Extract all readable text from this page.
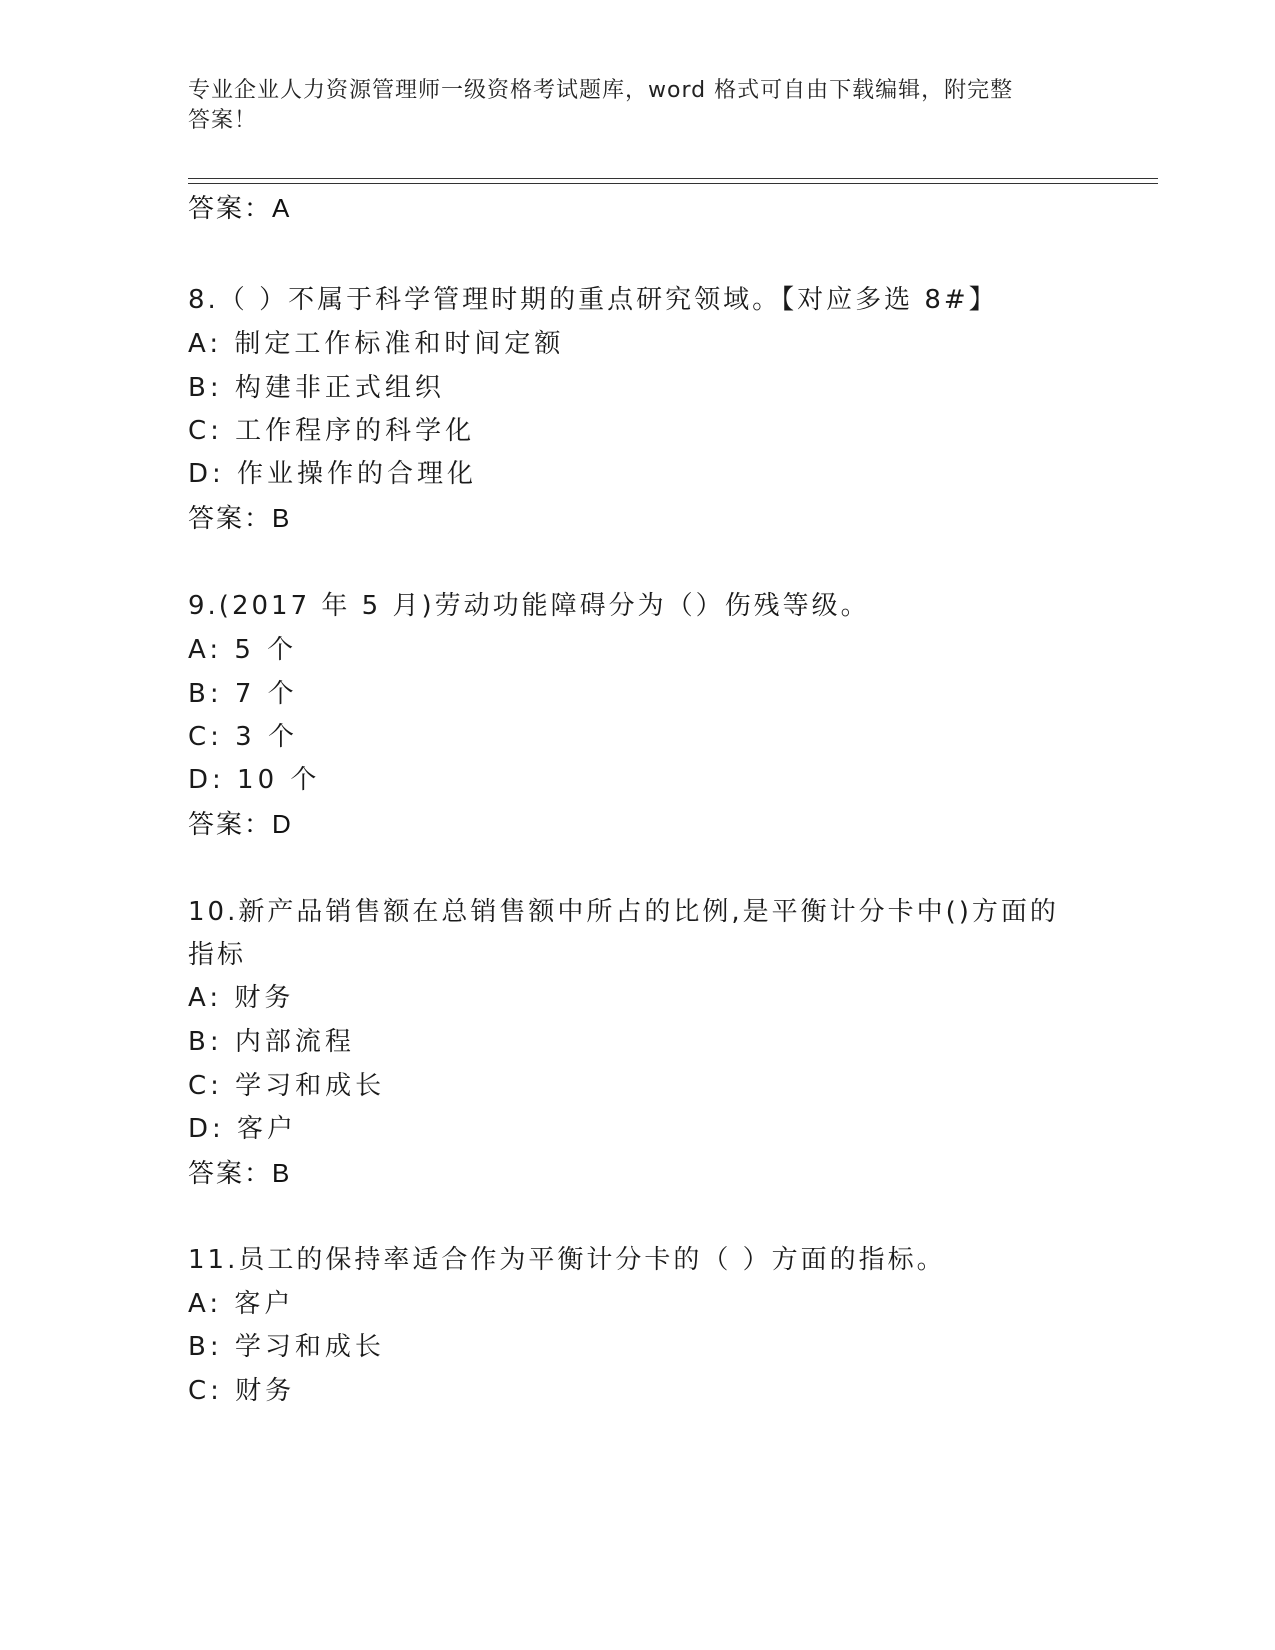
专业企业人力资源管理师一级资格考试题库，word 格式可自由下载编辑，附完整
答案！
答案：A
8.（ ）不属于科学管理时期的重点研究领域。【对应多选 8#】
A: 制定工作标准和时间定额
B: 构建非正式组织
C: 工作程序的科学化
D: 作业操作的合理化
答案：B
9.(2017 年 5 月)劳动功能障碍分为（）伤残等级。
A: 5 个
B: 7 个
C: 3 个
D: 10 个
答案：D
10.新产品销售额在总销售额中所占的比例,是平衡计分卡中()方面的
指标
A: 财务
B: 内部流程
C: 学习和成长
D: 客户
答案：B
11.员工的保持率适合作为平衡计分卡的（ ）方面的指标。
A: 客户
B: 学习和成长
C: 财务
